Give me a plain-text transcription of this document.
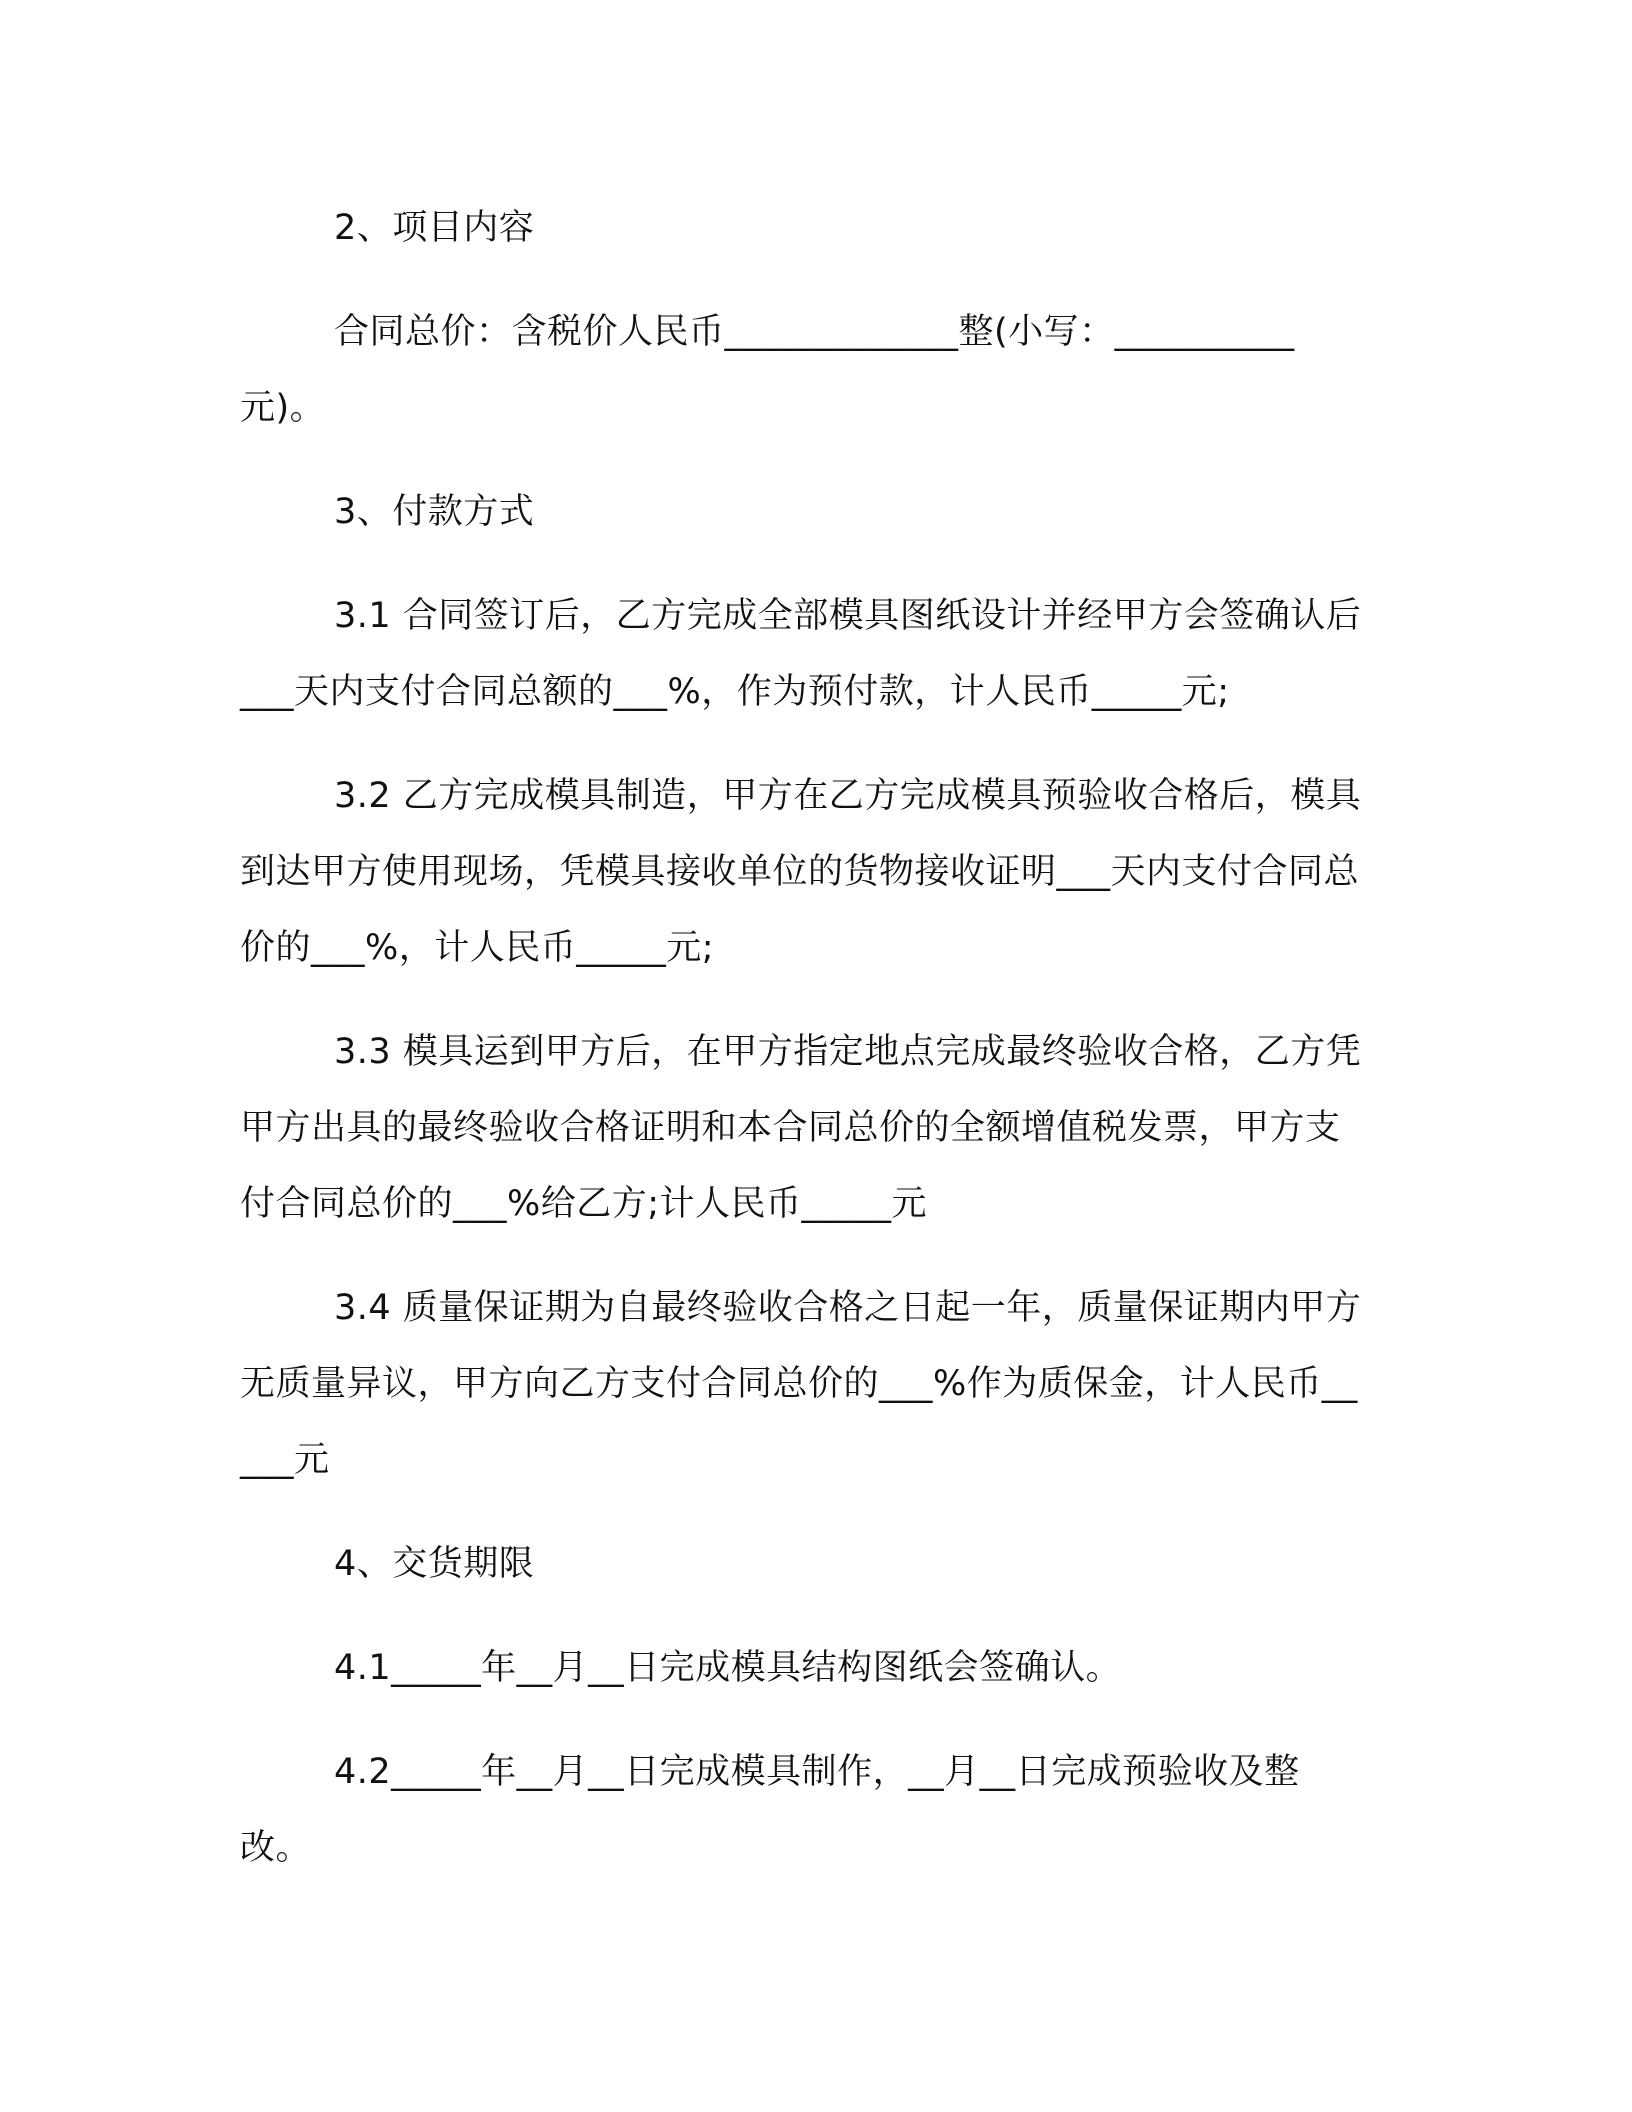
2、项目内容

合同总价：含税价人民币_____________整(小写：__________元)。

3、付款方式

3.1 合同签订后，乙方完成全部模具图纸设计并经甲方会签确认后___天内支付合同总额的___%，作为预付款，计人民币_____元;

3.2 乙方完成模具制造，甲方在乙方完成模具预验收合格后，模具到达甲方使用现场，凭模具接收单位的货物接收证明___天内支付合同总价的___%，计人民币_____元;

3.3 模具运到甲方后，在甲方指定地点完成最终验收合格，乙方凭甲方出具的最终验收合格证明和本合同总价的全额增值税发票，甲方支付合同总价的___%给乙方;计人民币_____元

3.4 质量保证期为自最终验收合格之日起一年，质量保证期内甲方无质量异议，甲方向乙方支付合同总价的___%作为质保金，计人民币_____元

4、交货期限

4.1_____年__月__日完成模具结构图纸会签确认。

4.2_____年__月__日完成模具制作，__月__日完成预验收及整改。
